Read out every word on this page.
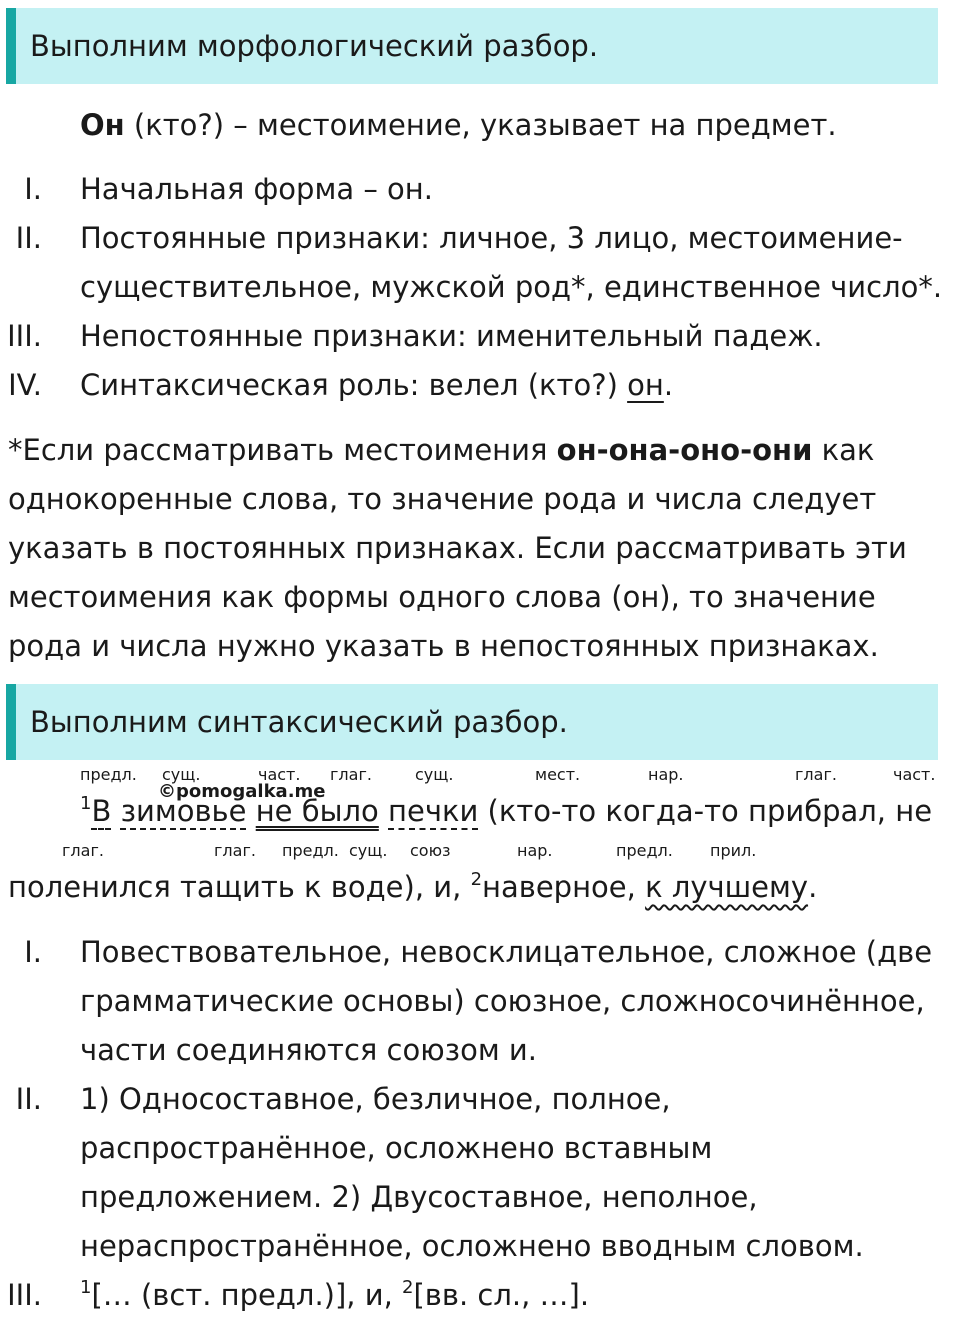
Выполним морфологический разбор.
Он (кто?) – местоимение, указывает на предмет.
I. Начальная форма – он.
II. Постоянные признаки: личное, 3 лицо, местоимение-
существительное, мужской род*, единственное число*.
III. Непостоянные признаки: именительный падеж.
IV. Синтаксическая роль: велел (кто?) он.
*Если рассматривать местоимения он-она-оно-они как
однокоренные слова, то значение рода и числа следует
указать в постоянных признаках. Если рассматривать эти
местоимения как формы одного слова (он), то значение
рода и числа нужно указать в непостоянных признаках.
Выполним синтаксический разбор.
предл. сущ.	част. глаг.	сущ.	мест.	нар.	глаг.	част.
©pomogalka.me
$^1$В зимовье не было печки (кто-то когда-то прибрал, не
глаг.	глаг. предл. сущ. союз	нар.	предл. прил.
поленился тащить к воде), и, $^2$наверное, к лучшему.
I. Повествовательное, невосклицательное, сложное (две
грамматические основы) союзное, сложносочинённое,
части соединяются союзом и.
II. 1) Односоставное, безличное, полное,
распространённое, осложнено вставным
предложением. 2) Двусоставное, неполное,
нераспространённое, осложнено вводным словом.
III. $^1$[… (вст. предл.)], и, $^2$[вв. сл., …].
